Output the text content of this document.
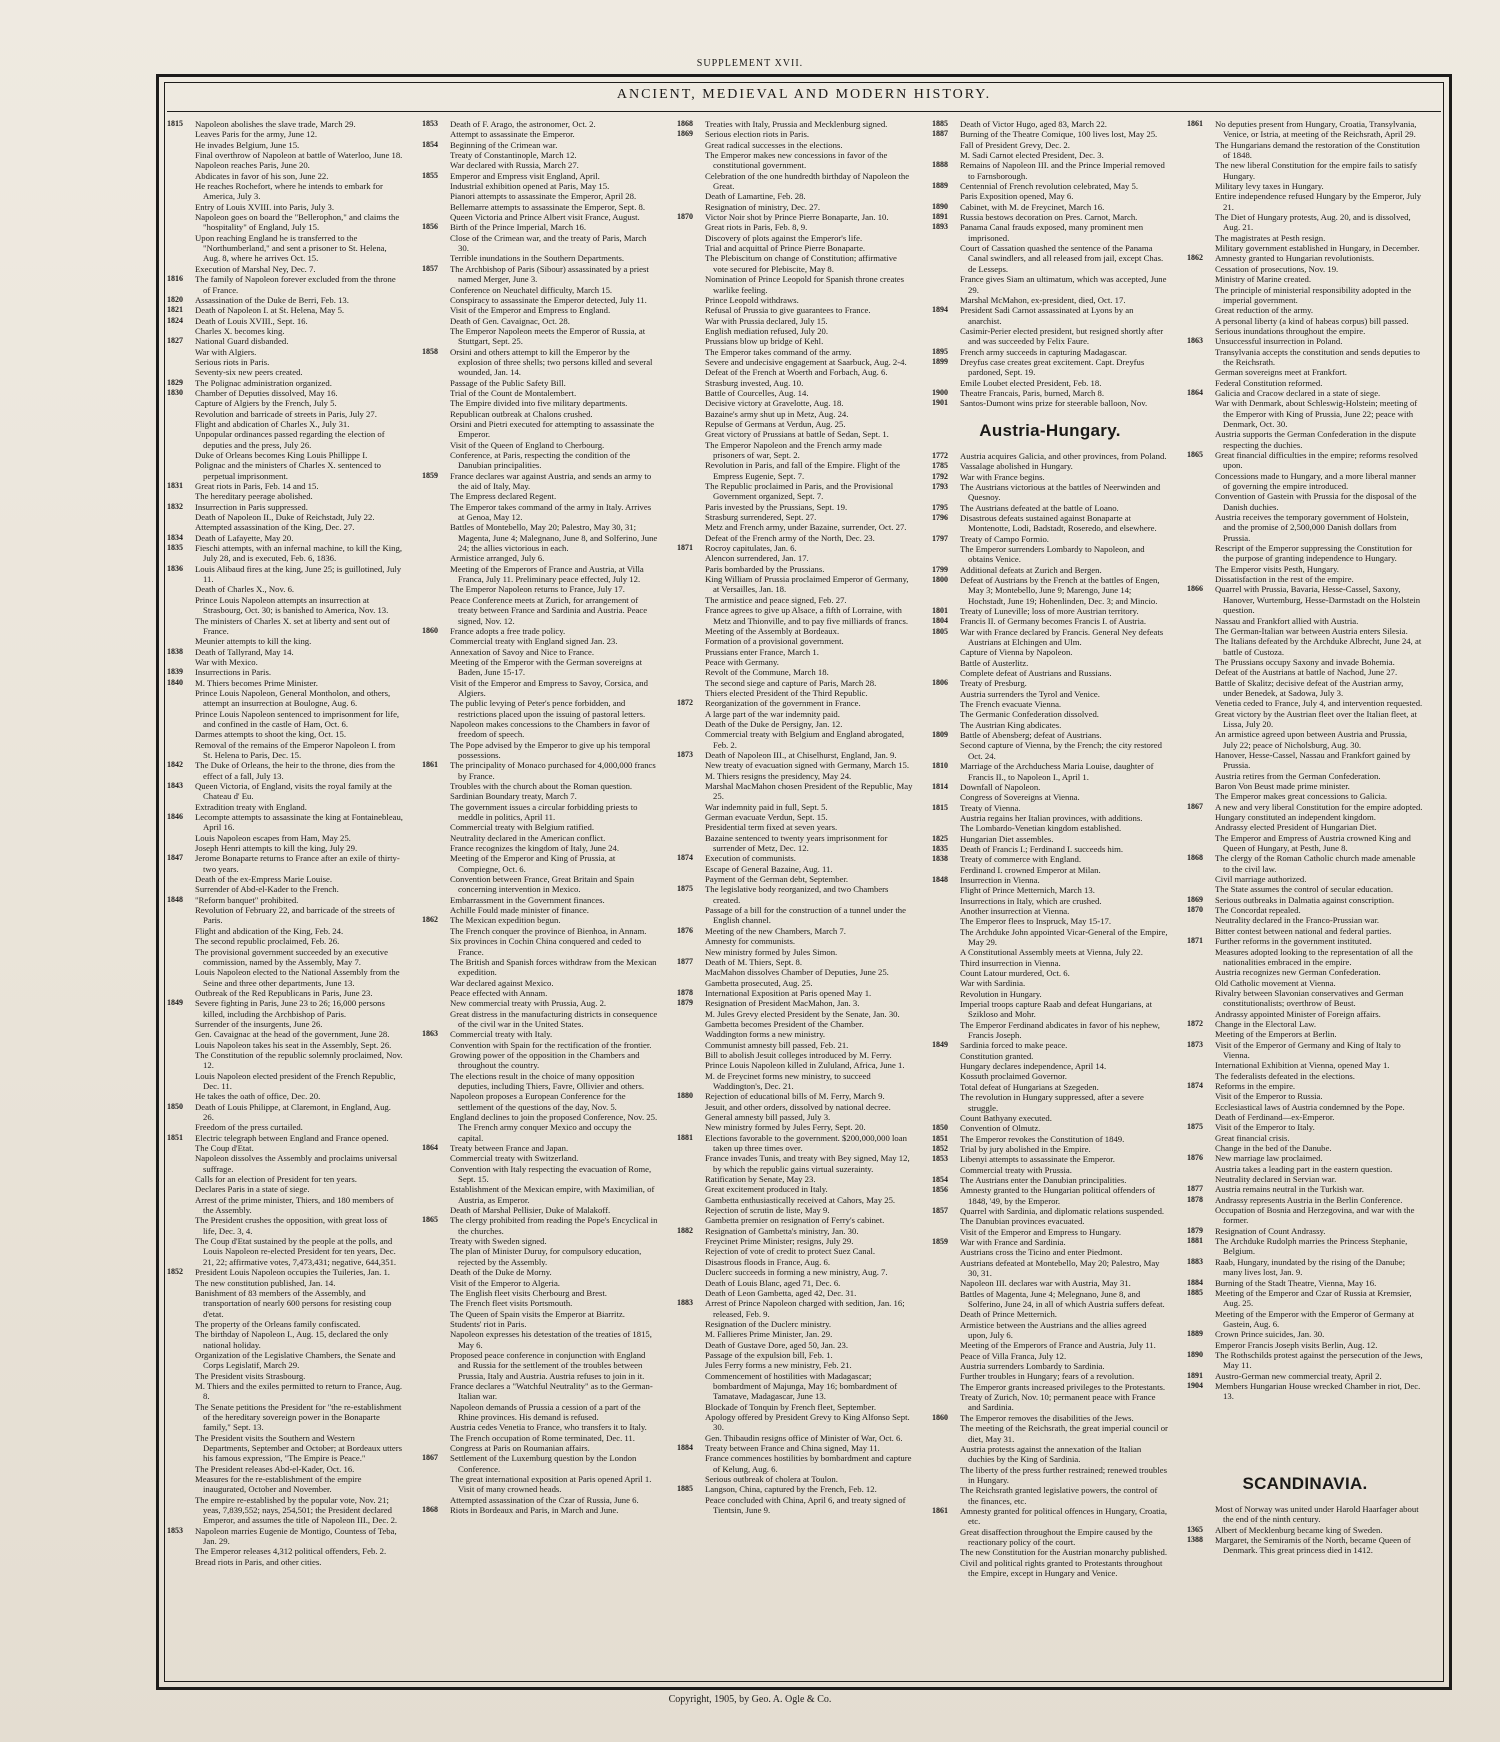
SUPPLEMENT XVII.
ANCIENT, MEDIEVAL AND MODERN HISTORY.
1815	Napoleon abolishes the slave trade, March 29.
Leaves Paris for the army, June 12.
He invades Belgium, June 15.
Final overthrow of Napoleon at battle of Waterloo, June 18.
Napoleon reaches Paris, June 20.
Abdicates in favor of his son, June 22.
He reaches Rochefort, where he intends to embark for America, July 3.
Entry of Louis XVIII. into Paris, July 3.
Napoleon goes on board the "Bellerophon," and claims the "hospitality" of England, July 15.
Upon reaching England he is transferred to the "Northumberland," and sent a prisoner to St. Helena, Aug. 8, where he arrives Oct. 15.
Execution of Marshal Ney, Dec. 7.
1816	The family of Napoleon forever excluded from the throne of France.
1820	Assassination of the Duke de Berri, Feb. 13.
1821	Death of Napoleon I. at St. Helena, May 5.
1824	Death of Louis XVIII., Sept. 16.
Charles X. becomes king.
1827	National Guard disbanded.
War with Algiers.
Serious riots in Paris.
Seventy-six new peers created.
1829	The Polignac administration organized.
1830	Chamber of Deputies dissolved, May 16.
Capture of Algiers by the French, July 5.
Revolution and barricade of streets in Paris, July 27.
Flight and abdication of Charles X., July 31.
Unpopular ordinances passed regarding the election of deputies and the press, July 26.
Duke of Orleans becomes King Louis Phillippe I.
Polignac and the ministers of Charles X. sentenced to perpetual imprisonment.
1831	Great riots in Paris, Feb. 14 and 15.
The hereditary peerage abolished.
1832	Insurrection in Paris suppressed.
Death of Napoleon II., Duke of Reichstadt, July 22.
Attempted assassination of the King, Dec. 27.
1834	Death of Lafayette, May 20.
1835	Fieschi attempts, with an infernal machine, to kill the King, July 28, and is executed, Feb. 6, 1836.
1836	Louis Alibaud fires at the king, June 25; is guillotined, July 11.
Death of Charles X., Nov. 6.
Prince Louis Napoleon attempts an insurrection at Strasbourg, Oct. 30; is banished to America, Nov. 13.
The ministers of Charles X. set at liberty and sent out of France.
Meunier attempts to kill the king.
1838	Death of Tallyrand, May 14.
War with Mexico.
1839	Insurrections in Paris.
1840	M. Thiers becomes Prime Minister.
Prince Louis Napoleon, General Montholon, and others, attempt an insurrection at Boulogne, Aug. 6.
Prince Louis Napoleon sentenced to imprisonment for life, and confined in the castle of Ham, Oct. 6.
Darmes attempts to shoot the king, Oct. 15.
Removal of the remains of the Emperor Napoleon I. from St. Helena to Paris, Dec. 15.
1842	The Duke of Orleans, the heir to the throne, dies from the effect of a fall, July 13.
1843	Queen Victoria, of England, visits the royal family at the Chateau d' Eu.
Extradition treaty with England.
1846	Lecompte attempts to assassinate the king at Fontainebleau, April 16.
Louis Napoleon escapes from Ham, May 25.
Joseph Henri attempts to kill the king, July 29.
1847	Jerome Bonaparte returns to France after an exile of thirty-two years.
Death of the ex-Empress Marie Louise.
Surrender of Abd-el-Kader to the French.
1848	"Reform banquet" prohibited.
Revolution of February 22, and barricade of the streets of Paris.
Flight and abdication of the King, Feb. 24.
The second republic proclaimed, Feb. 26.
The provisional government succeeded by an executive commission, named by the Assembly, May 7.
Louis Napoleon elected to the National Assembly from the Seine and three other departments, June 13.
Outbreak of the Red Republicans in Paris, June 23.
1849	Severe fighting in Paris, June 23 to 26; 16,000 persons killed, including the Archbishop of Paris.
Surrender of the insurgents, June 26.
Gen. Cavaignac at the head of the government, June 28.
Louis Napoleon takes his seat in the Assembly, Sept. 26.
The Constitution of the republic solemnly proclaimed, Nov. 12.
Louis Napoleon elected president of the French Republic, Dec. 11.
He takes the oath of office, Dec. 20.
1850	Death of Louis Philippe, at Claremont, in England, Aug. 26.
Freedom of the press curtailed.
1851	Electric telegraph between England and France opened.
The Coup d'Etat.
Napoleon dissolves the Assembly and proclaims universal suffrage.
Calls for an election of President for ten years.
Declares Paris in a state of siege.
Arrest of the prime minister, Thiers, and 180 members of the Assembly.
The President crushes the opposition, with great loss of life, Dec. 3, 4.
The Coup d'Etat sustained by the people at the polls, and Louis Napoleon re-elected President for ten years, Dec. 21, 22; affirmative votes, 7,473,431; negative, 644,351.
1852	President Louis Napoleon occupies the Tuileries, Jan. 1.
The new constitution published, Jan. 14.
Banishment of 83 members of the Assembly, and transportation of nearly 600 persons for resisting coup d'etat.
The property of the Orleans family confiscated.
The birthday of Napoleon I., Aug. 15, declared the only national holiday.
Organization of the Legislative Chambers, the Senate and Corps Legislatif, March 29.
The President visits Strasbourg.
M. Thiers and the exiles permitted to return to France, Aug. 8.
The Senate petitions the President for "the re-establishment of the hereditary sovereign power in the Bonaparte family," Sept. 13.
The President visits the Southern and Western Departments, September and October; at Bordeaux utters his famous expression, "The Empire is Peace."
The President releases Abd-el-Kader, Oct. 16.
Measures for the re-establishment of the empire inaugurated, October and November.
The empire re-established by the popular vote, Nov. 21; yeas, 7,839,552; nays, 254,501; the President declared Emperor, and assumes the title of Napoleon III., Dec. 2.
1853	Napoleon marries Eugenie de Montigo, Countess of Teba, Jan. 29.
The Emperor releases 4,312 political offenders, Feb. 2.
Bread riots in Paris, and other cities.
1853	Death of F. Arago, the astronomer, Oct. 2.
Attempt to assassinate the Emperor.
1854	Beginning of the Crimean war.
Treaty of Constantinople, March 12.
War declared with Russia, March 27.
1855	Emperor and Empress visit England, April.
Industrial exhibition opened at Paris, May 15.
Pianori attempts to assassinate the Emperor, April 28.
Bellemarre attempts to assassinate the Emperor, Sept. 8.
Queen Victoria and Prince Albert visit France, August.
1856	Birth of the Prince Imperial, March 16.
Close of the Crimean war, and the treaty of Paris, March 30.
Terrible inundations in the Southern Departments.
1857	The Archbishop of Paris (Sibour) assassinated by a priest named Merger, June 3.
Conference on Neuchatel difficulty, March 15.
Conspiracy to assassinate the Emperor detected, July 11.
Visit of the Emperor and Empress to England.
Death of Gen. Cavaignac, Oct. 28.
The Emperor Napoleon meets the Emperor of Russia, at Stuttgart, Sept. 25.
1858	Orsini and others attempt to kill the Emperor by the explosion of three shells; two persons killed and several wounded, Jan. 14.
Passage of the Public Safety Bill.
Trial of the Count de Montalembert.
The Empire divided into five military departments.
Republican outbreak at Chalons crushed.
Orsini and Pietri executed for attempting to assassinate the Emperor.
Visit of the Queen of England to Cherbourg.
Conference, at Paris, respecting the condition of the Danubian principalities.
1859	France declares war against Austria, and sends an army to the aid of Italy, May.
The Empress declared Regent.
The Emperor takes command of the army in Italy. Arrives at Genoa, May 12.
Battles of Montebello, May 20; Palestro, May 30, 31; Magenta, June 4; Malegnano, June 8, and Solferino, June 24; the allies victorious in each.
Armistice arranged, July 6.
Meeting of the Emperors of France and Austria, at Villa Franca, July 11. Preliminary peace effected, July 12.
The Emperor Napoleon returns to France, July 17.
Peace Conference meets at Zurich, for arrangement of treaty between France and Sardinia and Austria. Peace signed, Nov. 12.
1860	France adopts a free trade policy.
Commercial treaty with England signed Jan. 23.
Annexation of Savoy and Nice to France.
Meeting of the Emperor with the German sovereigns at Baden, June 15-17.
Visit of the Emperor and Empress to Savoy, Corsica, and Algiers.
The public levying of Peter's pence forbidden, and restrictions placed upon the issuing of pastoral letters.
Napoleon makes concessions to the Chambers in favor of freedom of speech.
The Pope advised by the Emperor to give up his temporal possessions.
1861	The principality of Monaco purchased for 4,000,000 francs by France.
Troubles with the church about the Roman question.
Sardinian Boundary treaty, March 7.
The government issues a circular forbidding priests to meddle in politics, April 11.
Commercial treaty with Belgium ratified.
Neutrality declared in the American conflict.
France recognizes the kingdom of Italy, June 24.
Meeting of the Emperor and King of Prussia, at Compiegne, Oct. 6.
Convention between France, Great Britain and Spain concerning intervention in Mexico.
Embarrassment in the Government finances.
Achille Fould made minister of finance.
1862	The Mexican expedition begun.
The French conquer the province of Bienhoa, in Annam.
Six provinces in Cochin China conquered and ceded to France.
The British and Spanish forces withdraw from the Mexican expedition.
War declared against Mexico.
Peace effected with Annam.
New commercial treaty with Prussia, Aug. 2.
Great distress in the manufacturing districts in consequence of the civil war in the United States.
1863	Commercial treaty with Italy.
Convention with Spain for the rectification of the frontier.
Growing power of the opposition in the Chambers and throughout the country.
The elections result in the choice of many opposition deputies, including Thiers, Favre, Ollivier and others.
Napoleon proposes a European Conference for the settlement of the questions of the day, Nov. 5.
England declines to join the proposed Conference, Nov. 25. The French army conquer Mexico and occupy the capital.
1864	Treaty between France and Japan.
Commercial treaty with Switzerland.
Convention with Italy respecting the evacuation of Rome, Sept. 15.
Establishment of the Mexican empire, with Maximilian, of Austria, as Emperor.
Death of Marshal Pellisier, Duke of Malakoff.
1865	The clergy prohibited from reading the Pope's Encyclical in the churches.
Treaty with Sweden signed.
The plan of Minister Duruy, for compulsory education, rejected by the Assembly.
Death of the Duke de Morny.
Visit of the Emperor to Algeria.
The English fleet visits Cherbourg and Brest.
The French fleet visits Portsmouth.
The Queen of Spain visits the Emperor at Biarritz.
Students' riot in Paris.
Napoleon expresses his detestation of the treaties of 1815, May 6.
Proposed peace conference in conjunction with England and Russia for the settlement of the troubles between Prussia, Italy and Austria. Austria refuses to join in it.
France declares a "Watchful Neutrality" as to the German-Italian war.
Napoleon demands of Prussia a cession of a part of the Rhine provinces. His demand is refused.
Austria cedes Venetia to France, who transfers it to Italy.
The French occupation of Rome terminated, Dec. 11.
Congress at Paris on Roumanian affairs.
1867	Settlement of the Luxemburg question by the London Conference.
The great international exposition at Paris opened April 1. Visit of many crowned heads.
Attempted assassination of the Czar of Russia, June 6.
1868	Riots in Bordeaux and Paris, in March and June.
1868	Treaties with Italy, Prussia and Mecklenburg signed.
1869	Serious election riots in Paris.
Great radical successes in the elections.
The Emperor makes new concessions in favor of the constitutional government.
Celebration of the one hundredth birthday of Napoleon the Great.
Death of Lamartine, Feb. 28.
Resignation of ministry, Dec. 27.
1870	Victor Noir shot by Prince Pierre Bonaparte, Jan. 10.
Great riots in Paris, Feb. 8, 9.
Discovery of plots against the Emperor's life.
Trial and acquittal of Prince Pierre Bonaparte.
The Plebiscitum on change of Constitution; affirmative vote secured for Plebiscite, May 8.
Nomination of Prince Leopold for Spanish throne creates warlike feeling.
Prince Leopold withdraws.
Refusal of Prussia to give guarantees to France.
War with Prussia declared, July 15.
English mediation refused, July 20.
Prussians blow up bridge of Kehl.
The Emperor takes command of the army.
Severe and undecisive engagement at Saarbuck, Aug. 2-4.
Defeat of the French at Woerth and Forbach, Aug. 6.
Strasburg invested, Aug. 10.
Battle of Courcelles, Aug. 14.
Decisive victory at Gravelotte, Aug. 18.
Bazaine's army shut up in Metz, Aug. 24.
Repulse of Germans at Verdun, Aug. 25.
Great victory of Prussians at battle of Sedan, Sept. 1.
The Emperor Napoleon and the French army made prisoners of war, Sept. 2.
Revolution in Paris, and fall of the Empire. Flight of the Empress Eugenie, Sept. 7.
The Republic proclaimed in Paris, and the Provisional Government organized, Sept. 7.
Paris invested by the Prussians, Sept. 19.
Strasburg surrendered, Sept. 27.
Metz and French army, under Bazaine, surrender, Oct. 27.
Defeat of the French army of the North, Dec. 23.
1871	Rocroy capitulates, Jan. 6.
Alencon surrendered, Jan. 17.
Paris bombarded by the Prussians.
King William of Prussia proclaimed Emperor of Germany, at Versailles, Jan. 18.
The armistice and peace signed, Feb. 27.
France agrees to give up Alsace, a fifth of Lorraine, with Metz and Thionville, and to pay five milliards of francs.
Meeting of the Assembly at Bordeaux.
Formation of a provisional government.
Prussians enter France, March 1.
Peace with Germany.
Revolt of the Commune, March 18.
The second siege and capture of Paris, March 28.
Thiers elected President of the Third Republic.
1872	Reorganization of the government in France.
A large part of the war indemnity paid.
Death of the Duke de Persigny, Jan. 12.
Commercial treaty with Belgium and England abrogated, Feb. 2.
1873	Death of Napoleon III., at Chiselhurst, England, Jan. 9.
New treaty of evacuation signed with Germany, March 15.
M. Thiers resigns the presidency, May 24.
Marshal MacMahon chosen President of the Republic, May 25.
War indemnity paid in full, Sept. 5.
German evacuate Verdun, Sept. 15.
Presidential term fixed at seven years.
Bazaine sentenced to twenty years imprisonment for surrender of Metz, Dec. 12.
1874	Execution of communists.
Escape of General Bazaine, Aug. 11.
Payment of the German debt, September.
1875	The legislative body reorganized, and two Chambers created.
Passage of a bill for the construction of a tunnel under the English channel.
1876	Meeting of the new Chambers, March 7.
Amnesty for communists.
New ministry formed by Jules Simon.
1877	Death of M. Thiers, Sept. 8.
MacMahon dissolves Chamber of Deputies, June 25.
Gambetta prosecuted, Aug. 25.
1878	International Exposition at Paris opened May 1.
1879	Resignation of President MacMahon, Jan. 3.
M. Jules Grevy elected President by the Senate, Jan. 30.
Gambetta becomes President of the Chamber.
Waddington forms a new ministry.
Communist amnesty bill passed, Feb. 21.
Bill to abolish Jesuit colleges introduced by M. Ferry.
Prince Louis Napoleon killed in Zululand, Africa, June 1.
M. de Freycinet forms new ministry, to succeed Waddington's, Dec. 21.
1880	Rejection of educational bills of M. Ferry, March 9.
Jesuit, and other orders, dissolved by national decree.
General amnesty bill passed, July 3.
New ministry formed by Jules Ferry, Sept. 20.
1881	Elections favorable to the government. $200,000,000 loan taken up three times over.
France invades Tunis, and treaty with Bey signed, May 12, by which the republic gains virtual suzerainty.
Ratification by Senate, May 23.
Great excitement produced in Italy.
Gambetta enthusiastically received at Cahors, May 25.
Rejection of scrutin de liste, May 9.
Gambetta premier on resignation of Ferry's cabinet.
1882	Resignation of Gambetta's ministry, Jan. 30.
Freycinet Prime Minister; resigns, July 29.
Rejection of vote of credit to protect Suez Canal.
Disastrous floods in France, Aug. 6.
Duclerc succeeds in forming a new ministry, Aug. 7.
Death of Louis Blanc, aged 71, Dec. 6.
Death of Leon Gambetta, aged 42, Dec. 31.
1883	Arrest of Prince Napoleon charged with sedition, Jan. 16; released, Feb. 9.
Resignation of the Duclerc ministry.
M. Fallieres Prime Minister, Jan. 29.
Death of Gustave Dore, aged 50, Jan. 23.
Passage of the expulsion bill, Feb. 1.
Jules Ferry forms a new ministry, Feb. 21.
Commencement of hostilities with Madagascar; bombardment of Majunga, May 16; bombardment of Tamatave, Madagascar, June 13.
Blockade of Tonquin by French fleet, September.
Apology offered by President Grevy to King Alfonso Sept. 30.
Gen. Thibaudin resigns office of Minister of War, Oct. 6.
1884	Treaty between France and China signed, May 11.
France commences hostilities by bombardment and capture of Kelung, Aug. 6.
Serious outbreak of cholera at Toulon.
1885	Langson, China, captured by the French, Feb. 12.
Peace concluded with China, April 6, and treaty signed of Tientsin, June 9.
1885	Death of Victor Hugo, aged 83, March 22.
1887	Burning of the Theatre Comique, 100 lives lost, May 25.
Fall of President Grevy, Dec. 2.
M. Sadi Carnot elected President, Dec. 3.
1888	Remains of Napoleon III. and the Prince Imperial removed to Farnsborough.
1889	Centennial of French revolution celebrated, May 5.
Paris Exposition opened, May 6.
1890	Cabinet, with M. de Freycinet, March 16.
1891	Russia bestows decoration on Pres. Carnot, March.
1893	Panama Canal frauds exposed, many prominent men imprisoned.
Court of Cassation quashed the sentence of the Panama Canal swindlers, and all released from jail, except Chas. de Lesseps.
France gives Siam an ultimatum, which was accepted, June 29.
Marshal McMahon, ex-president, died, Oct. 17.
1894	President Sadi Carnot assassinated at Lyons by an anarchist.
Casimir-Perier elected president, but resigned shortly after and was succeeded by Felix Faure.
1895	French army succeeds in capturing Madagascar.
1899	Dreyfus case creates great excitement. Capt. Dreyfus pardoned, Sept. 19.
Emile Loubet elected President, Feb. 18.
1900	Theatre Francais, Paris, burned, March 8.
1901	Santos-Dumont wins prize for steerable balloon, Nov.
Austria-Hungary.
1772	Austria acquires Galicia, and other provinces, from Poland.
1785	Vassalage abolished in Hungary.
1792	War with France begins.
1793	The Austrians victorious at the battles of Neerwinden and Quesnoy.
1795	The Austrians defeated at the battle of Loano.
1796	Disastrous defeats sustained against Bonaparte at Montenotte, Lodi, Badstadt, Roseredo, and elsewhere.
1797	Treaty of Campo Formio.
The Emperor surrenders Lombardy to Napoleon, and obtains Venice.
1799	Additional defeats at Zurich and Bergen.
1800	Defeat of Austrians by the French at the battles of Engen, May 3; Montebello, June 9; Marengo, June 14; Hochstadt, June 19; Hohenlinden, Dec. 3; and Mincio.
1801	Treaty of Luneville; loss of more Austrian territory.
1804	Francis II. of Germany becomes Francis I. of Austria.
1805	War with France declared by Francis. General Ney defeats Austrians at Elchingen and Ulm.
Capture of Vienna by Napoleon.
Battle of Austerlitz.
Complete defeat of Austrians and Russians.
1806	Treaty of Presburg.
Austria surrenders the Tyrol and Venice.
The French evacuate Vienna.
The Germanic Confederation dissolved.
The Austrian King abdicates.
1809	Battle of Abensberg; defeat of Austrians.
Second capture of Vienna, by the French; the city restored Oct. 24.
1810	Marriage of the Archduchess Maria Louise, daughter of Francis II., to Napoleon I., April 1.
1814	Downfall of Napoleon.
Congress of Sovereigns at Vienna.
1815	Treaty of Vienna.
Austria regains her Italian provinces, with additions.
The Lombardo-Venetian kingdom established.
1825	Hungarian Diet assembles.
1835	Death of Francis I.; Ferdinand I. succeeds him.
1838	Treaty of commerce with England.
Ferdinand I. crowned Emperor at Milan.
1848	Insurrection in Vienna.
Flight of Prince Metternich, March 13.
Insurrections in Italy, which are crushed.
Another insurrection at Vienna.
The Emperor flees to Inspruck, May 15-17.
The Archduke John appointed Vicar-General of the Empire, May 29.
A Constitutional Assembly meets at Vienna, July 22.
Third insurrection in Vienna.
Count Latour murdered, Oct. 6.
War with Sardinia.
Revolution in Hungary.
Imperial troops capture Raab and defeat Hungarians, at Szikloso and Mohr.
The Emperor Ferdinand abdicates in favor of his nephew, Francis Joseph.
1849	Sardinia forced to make peace.
Constitution granted.
Hungary declares independence, April 14.
Kossuth proclaimed Governor.
Total defeat of Hungarians at Szegeden.
The revolution in Hungary suppressed, after a severe struggle.
Count Bathyany executed.
1850	Convention of Olmutz.
1851	The Emperor revokes the Constitution of 1849.
1852	Trial by jury abolished in the Empire.
1853	Libenyi attempts to assassinate the Emperor.
Commercial treaty with Prussia.
1854	The Austrians enter the Danubian principalities.
1856	Amnesty granted to the Hungarian political offenders of 1848, '49, by the Emperor.
1857	Quarrel with Sardinia, and diplomatic relations suspended.
The Danubian provinces evacuated.
Visit of the Emperor and Empress to Hungary.
1859	War with France and Sardinia.
Austrians cross the Ticino and enter Piedmont.
Austrians defeated at Montebello, May 20; Palestro, May 30, 31.
Napoleon III. declares war with Austria, May 31.
Battles of Magenta, June 4; Melegnano, June 8, and Solferino, June 24, in all of which Austria suffers defeat.
Death of Prince Metternich.
Armistice between the Austrians and the allies agreed upon, July 6.
Meeting of the Emperors of France and Austria, July 11.
Peace of Villa Franca, July 12.
Austria surrenders Lombardy to Sardinia.
Further troubles in Hungary; fears of a revolution.
The Emperor grants increased privileges to the Protestants.
Treaty of Zurich, Nov. 10; permanent peace with France and Sardinia.
1860	The Emperor removes the disabilities of the Jews.
The meeting of the Reichsrath, the great imperial council or diet, May 31.
Austria protests against the annexation of the Italian duchies by the King of Sardinia.
The liberty of the press further restrained; renewed troubles in Hungary.
The Reichsrath granted legislative powers, the control of the finances, etc.
1861	Amnesty granted for political offences in Hungary, Croatia, etc.
Great disaffection throughout the Empire caused by the reactionary policy of the court.
The new Constitution for the Austrian monarchy published.
Civil and political rights granted to Protestants throughout the Empire, except in Hungary and Venice.
1861	No deputies present from Hungary, Croatia, Transylvania, Venice, or Istria, at meeting of the Reichsrath, April 29.
The Hungarians demand the restoration of the Constitution of 1848.
The new liberal Constitution for the empire fails to satisfy Hungary.
Military levy taxes in Hungary.
Entire independence refused Hungary by the Emperor, July 21.
The Diet of Hungary protests, Aug. 20, and is dissolved, Aug. 21.
The magistrates at Pesth resign.
Military government established in Hungary, in December.
1862	Amnesty granted to Hungarian revolutionists.
Cessation of prosecutions, Nov. 19.
Ministry of Marine created.
The principle of ministerial responsibility adopted in the imperial government.
Great reduction of the army.
A personal liberty (a kind of habeas corpus) bill passed.
Serious inundations throughout the empire.
1863	Unsuccessful insurrection in Poland.
Transylvania accepts the constitution and sends deputies to the Reichsrath.
German sovereigns meet at Frankfort.
Federal Constitution reformed.
1864	Galicia and Cracow declared in a state of siege.
War with Denmark, about Schleswig-Holstein; meeting of the Emperor with King of Prussia, June 22; peace with Denmark, Oct. 30.
Austria supports the German Confederation in the dispute respecting the duchies.
1865	Great financial difficulties in the empire; reforms resolved upon.
Concessions made to Hungary, and a more liberal manner of governing the empire introduced.
Convention of Gastein with Prussia for the disposal of the Danish duchies.
Austria receives the temporary government of Holstein, and the promise of 2,500,000 Danish dollars from Prussia.
Rescript of the Emperor suppressing the Constitution for the purpose of granting independence to Hungary.
The Emperor visits Pesth, Hungary.
Dissatisfaction in the rest of the empire.
1866	Quarrel with Prussia, Bavaria, Hesse-Cassel, Saxony, Hanover, Wurtemburg, Hesse-Darmstadt on the Holstein question.
Nassau and Frankfort allied with Austria.
The German-Italian war between Austria enters Silesia.
The Italians defeated by the Archduke Albrecht, June 24, at battle of Custoza.
The Prussians occupy Saxony and invade Bohemia.
Defeat of the Austrians at battle of Nachod, June 27.
Battle of Skalitz; decisive defeat of the Austrian army, under Benedek, at Sadowa, July 3.
Venetia ceded to France, July 4, and intervention requested.
Great victory by the Austrian fleet over the Italian fleet, at Lissa, July 20.
An armistice agreed upon between Austria and Prussia, July 22; peace of Nicholsburg, Aug. 30.
Hanover, Hesse-Cassel, Nassau and Frankfort gained by Prussia.
Austria retires from the German Confederation.
Baron Von Beust made prime minister.
The Emperor makes great concessions to Galicia.
1867	A new and very liberal Constitution for the empire adopted.
Hungary constituted an independent kingdom.
Andrassy elected President of Hungarian Diet.
The Emperor and Empress of Austria crowned King and Queen of Hungary, at Pesth, June 8.
1868	The clergy of the Roman Catholic church made amenable to the civil law.
Civil marriage authorized.
The State assumes the control of secular education.
1869	Serious outbreaks in Dalmatia against conscription.
1870	The Concordat repealed.
Neutrality declared in the Franco-Prussian war.
Bitter contest between national and federal parties.
1871	Further reforms in the government instituted.
Measures adopted looking to the representation of all the nationalities embraced in the empire.
Austria recognizes new German Confederation.
Old Catholic movement at Vienna.
Rivalry between Slavonian conservatives and German constitutionalists; overthrow of Beust.
Andrassy appointed Minister of Foreign affairs.
1872	Change in the Electoral Law.
Meeting of the Emperors at Berlin.
1873	Visit of the Emperor of Germany and King of Italy to Vienna.
International Exhibition at Vienna, opened May 1.
The federalists defeated in the elections.
1874	Reforms in the empire.
Visit of the Emperor to Russia.
Ecclesiastical laws of Austria condemned by the Pope.
Death of Ferdinand—ex-Emperor.
1875	Visit of the Emperor to Italy.
Great financial crisis.
Change in the bed of the Danube.
1876	New marriage law proclaimed.
Austria takes a leading part in the eastern question.
Neutrality declared in Servian war.
1877	Austria remains neutral in the Turkish war.
1878	Andrassy represents Austria in the Berlin Conference.
Occupation of Bosnia and Herzegovina, and war with the former.
1879	Resignation of Count Andrassy.
1881	The Archduke Rudolph marries the Princess Stephanie, Belgium.
1883	Raab, Hungary, inundated by the rising of the Danube; many lives lost, Jan. 9.
1884	Burning of the Stadt Theatre, Vienna, May 16.
1885	Meeting of the Emperor and Czar of Russia at Kremsier, Aug. 25.
Meeting of the Emperor with the Emperor of Germany at Gastein, Aug. 6.
1889	Crown Prince suicides, Jan. 30.
Emperor Francis Joseph visits Berlin, Aug. 12.
1890	The Rothschilds protest against the persecution of the Jews, May 11.
1891	Austro-German new commercial treaty, April 2.
1904	Members Hungarian House wrecked Chamber in riot, Dec. 13.
SCANDINAVIA.
Most of Norway was united under Harold Haarfager about the end of the ninth century.
1365	Albert of Mecklenburg became king of Sweden.
1388	Margaret, the Semiramis of the North, became Queen of Denmark. This great princess died in 1412.
Copyright, 1905, by Geo. A. Ogle & Co.
